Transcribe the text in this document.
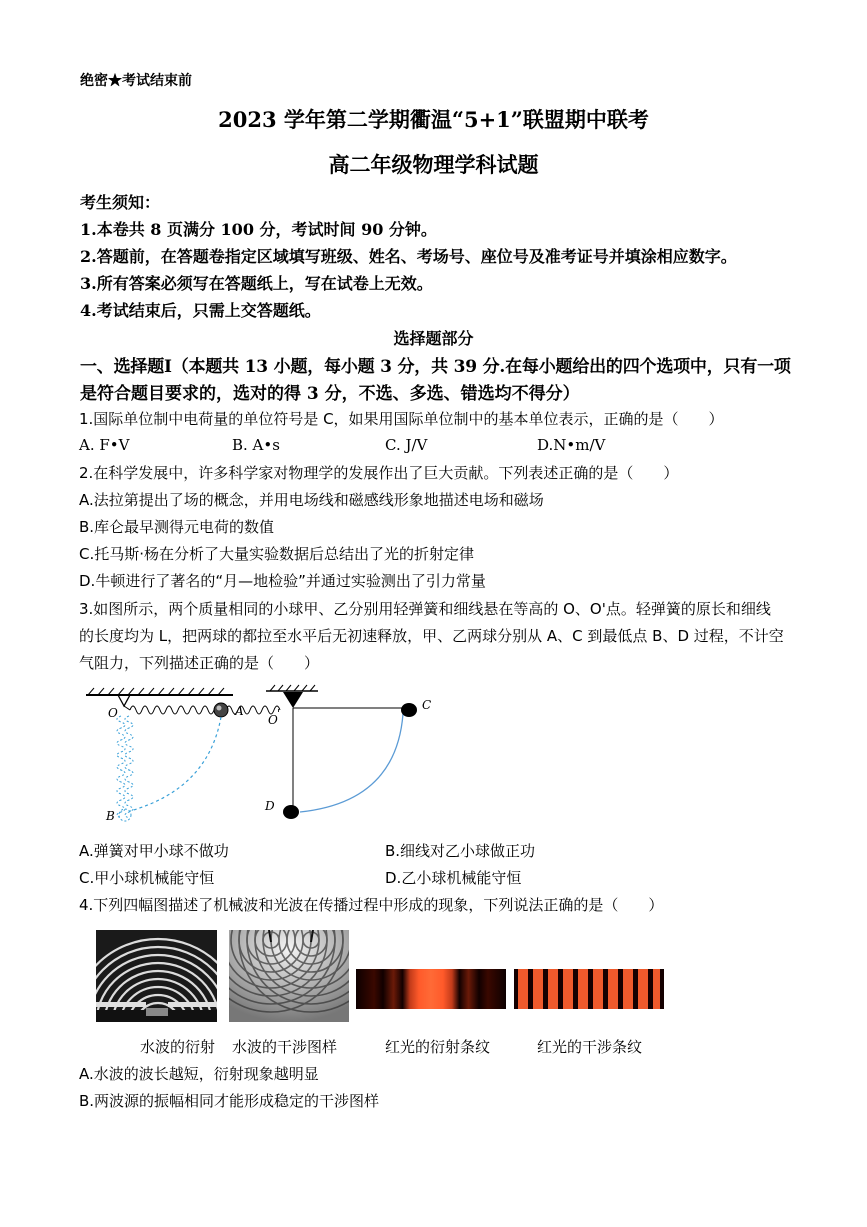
绝密★考试结束前
2023 学年第二学期衢温“5+1”联盟期中联考
高二年级物理学科试题
考生须知：
1.本卷共 8 页满分 100 分，考试时间 90 分钟。
2.答题前，在答题卷指定区域填写班级、姓名、考场号、座位号及准考证号并填涂相应数字。
3.所有答案必须写在答题纸上，写在试卷上无效。
4.考试结束后，只需上交答题纸。
选择题部分
一、选择题Ⅰ（本题共 13 小题，每小题 3 分，共 39 分.在每小题给出的四个选项中，只有一项
是符合题目要求的，选对的得 3 分，不选、多选、错选均不得分）
1.国际单位制中电荷量的单位符号是 C，如果用国际单位制中的基本单位表示，正确的是（　　）
A. F•V	B. A•s	C. J/V	D.N•m/V
2.在科学发展中，许多科学家对物理学的发展作出了巨大贡献。下列表述正确的是（　　）
A.法拉第提出了场的概念，并用电场线和磁感线形象地描述电场和磁场
B.库仑最早测得元电荷的数值
C.托马斯·杨在分析了大量实验数据后总结出了光的折射定律
D.牛顿进行了著名的“月—地检验”并通过实验测出了引力常量
3.如图所示，两个质量相同的小球甲、乙分别用轻弹簧和细线悬在等高的 O、O'点。轻弹簧的原长和细线
的长度均为 L，把两球的都拉至水平后无初速释放，甲、乙两球分别从 A、C 到最低点 B、D 过程，不计空
气阻力，下列描述正确的是（　　）
O	A
B
O '
C
D
A.弹簧对甲小球不做功	B.细线对乙小球做正功
C.甲小球机械能守恒	D.乙小球机械能守恒
4.下列四幅图描述了机械波和光波在传播过程中形成的现象，下列说法正确的是（　　）
水波的衍射 水波的干涉图样	红光的衍射条纹	红光的干涉条纹
A.水波的波长越短，衍射现象越明显
B.两波源的振幅相同才能形成稳定的干涉图样
